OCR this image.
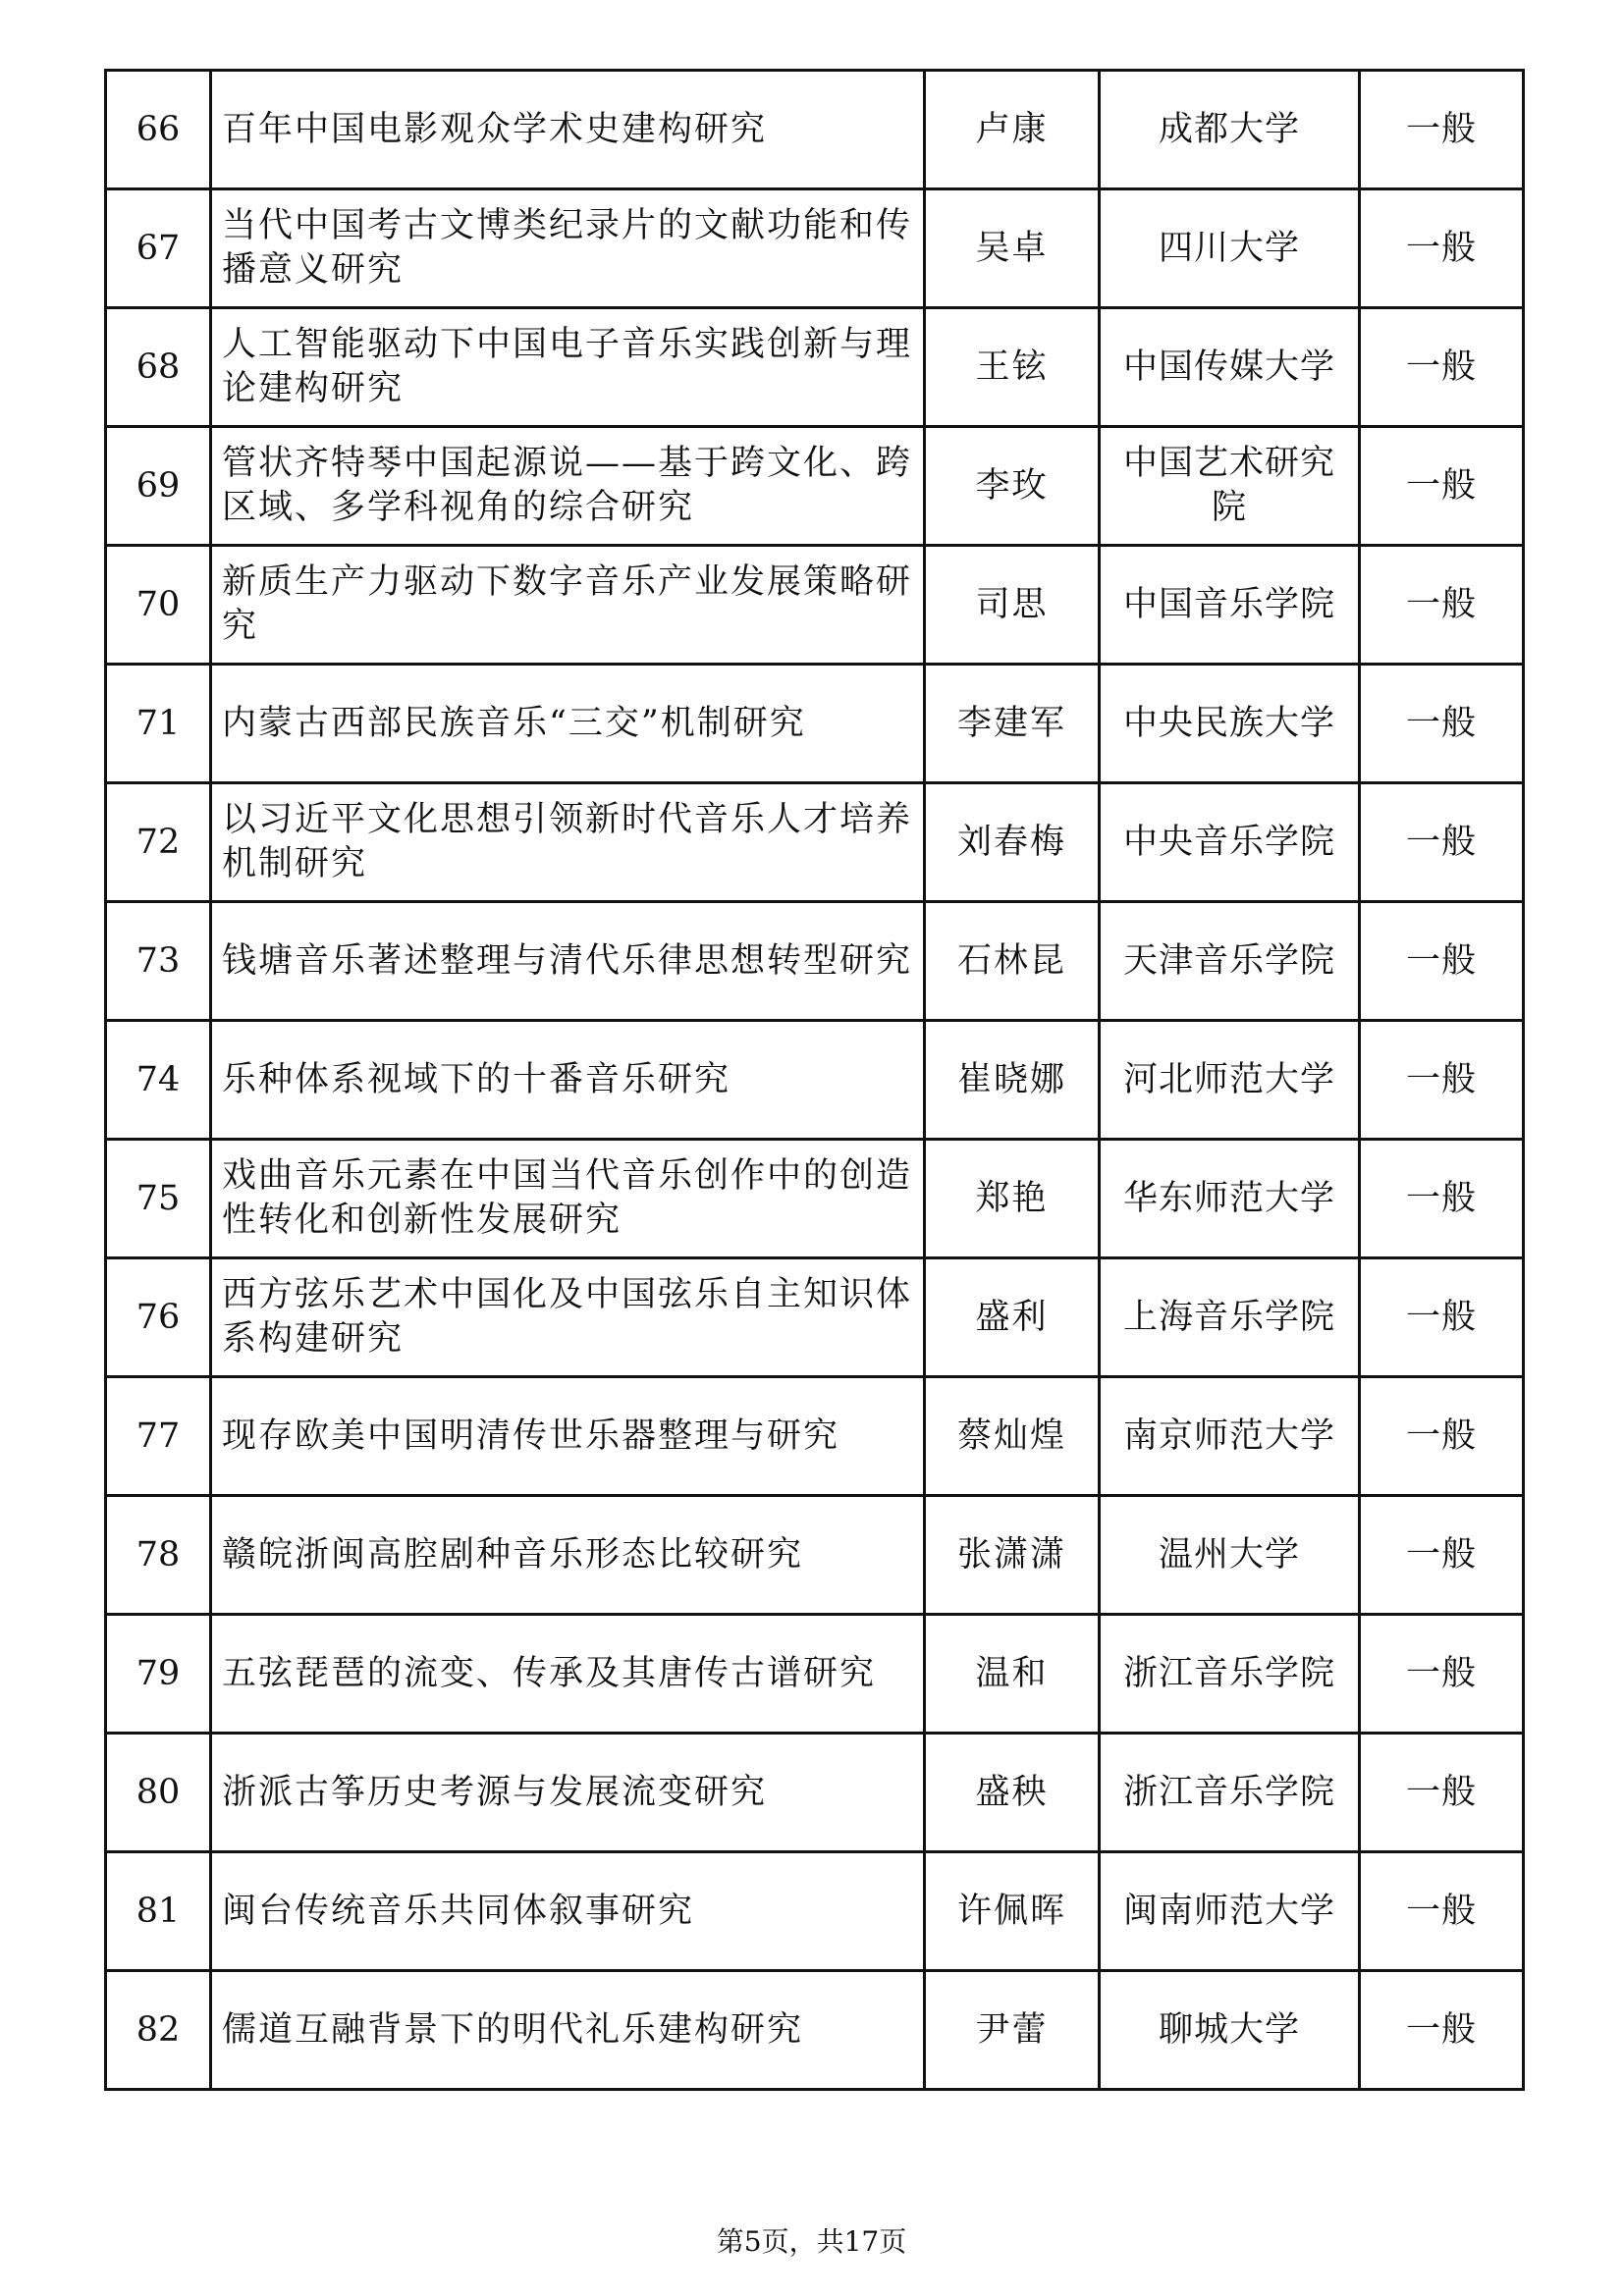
66	百年中国电影观众学术史建构研究	卢康	成都大学	一般
67	当代中国考古文博类纪录片的文献功能和传播意义研究	吴卓	四川大学	一般
68	人工智能驱动下中国电子音乐实践创新与理论建构研究	王铉	中国传媒大学	一般
69	管状齐特琴中国起源说——基于跨文化、跨区域、多学科视角的综合研究	李玫	中国艺术研究院	一般
70	新质生产力驱动下数字音乐产业发展策略研究	司思	中国音乐学院	一般
71	内蒙古西部民族音乐“三交”机制研究	李建军	中央民族大学	一般
72	以习近平文化思想引领新时代音乐人才培养机制研究	刘春梅	中央音乐学院	一般
73	钱塘音乐著述整理与清代乐律思想转型研究	石林昆	天津音乐学院	一般
74	乐种体系视域下的十番音乐研究	崔晓娜	河北师范大学	一般
75	戏曲音乐元素在中国当代音乐创作中的创造性转化和创新性发展研究	郑艳	华东师范大学	一般
76	西方弦乐艺术中国化及中国弦乐自主知识体系构建研究	盛利	上海音乐学院	一般
77	现存欧美中国明清传世乐器整理与研究	蔡灿煌	南京师范大学	一般
78	赣皖浙闽高腔剧种音乐形态比较研究	张潇潇	温州大学	一般
79	五弦琵琶的流变、传承及其唐传古谱研究	温和	浙江音乐学院	一般
80	浙派古筝历史考源与发展流变研究	盛秧	浙江音乐学院	一般
81	闽台传统音乐共同体叙事研究	许佩晖	闽南师范大学	一般
82	儒道互融背景下的明代礼乐建构研究	尹蕾	聊城大学	一般
第5页，共17页
